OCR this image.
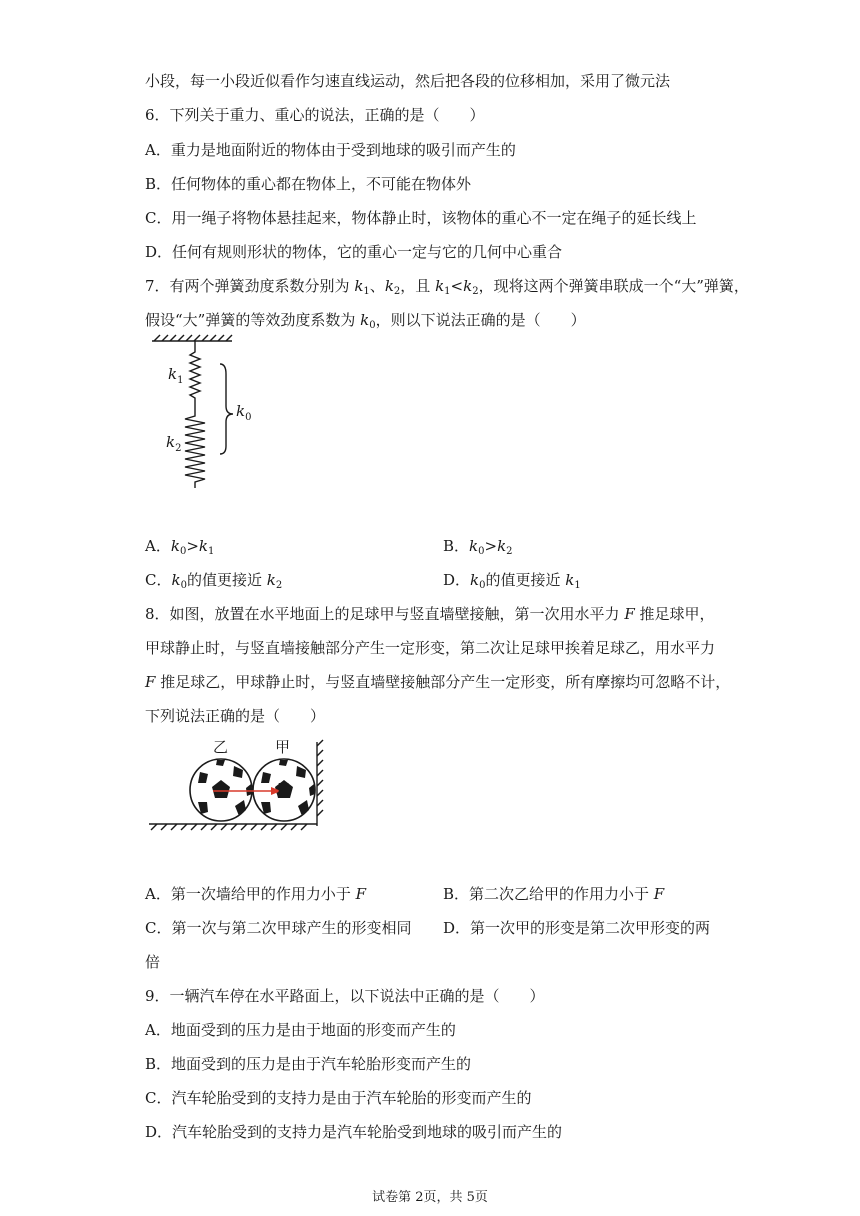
小段，每一小段近似看作匀速直线运动，然后把各段的位移相加，采用了微元法
6．下列关于重力、重心的说法，正确的是（　　）
A．重力是地面附近的物体由于受到地球的吸引而产生的
B．任何物体的重心都在物体上，不可能在物体外
C．用一绳子将物体悬挂起来，物体静止时，该物体的重心不一定在绳子的延长线上
D．任何有规则形状的物体，它的重心一定与它的几何中心重合
7．有两个弹簧劲度系数分别为 $k_1$、$k_2$，且 $k_1<k_2$，现将这两个弹簧串联成一个“大”弹簧，
假设“大”弹簧的等效劲度系数为 $k_0$，则以下说法正确的是（　　）
$k_1$
$k_2$
$k_0$
A．$k_0>k_1$	B．$k_0>k_2$
C．$k_0$的值更接近 $k_2$	D．$k_0$的值更接近 $k_1$
8．如图，放置在水平地面上的足球甲与竖直墙壁接触，第一次用水平力 F 推足球甲，
甲球静止时，与竖直墙接触部分产生一定形变，第二次让足球甲挨着足球乙，用水平力
F 推足球乙，甲球静止时，与竖直墙壁接触部分产生一定形变，所有摩擦均可忽略不计，
下列说法正确的是（　　）
乙	甲
F
A．第一次墙给甲的作用力小于 F	B．第二次乙给甲的作用力小于 F
C．第一次与第二次甲球产生的形变相同 D．第一次甲的形变是第二次甲形变的两
倍
9．一辆汽车停在水平路面上，以下说法中正确的是（　　）
A．地面受到的压力是由于地面的形变而产生的
B．地面受到的压力是由于汽车轮胎形变而产生的
C．汽车轮胎受到的支持力是由于汽车轮胎的形变而产生的
D．汽车轮胎受到的支持力是汽车轮胎受到地球的吸引而产生的
试卷第 2页，共 5页
